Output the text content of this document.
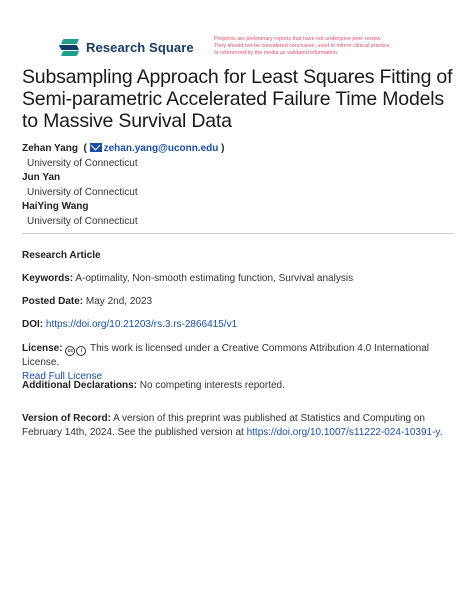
Research Square
Preprints are preliminary reports that have not undergone peer review.
They should not be considered conclusive, used to inform clinical practice,
or referenced by the media as validated information.
Subsampling Approach for Least Squares Fitting of Semi-parametric Accelerated Failure Time Models to Massive Survival Data
Zehan Yang  ( zehan.yang@uconn.edu )
University of Connecticut
Jun Yan
University of Connecticut
HaiYing Wang
University of Connecticut
Research Article
Keywords: A-optimality, Non-smooth estimating function, Survival analysis
Posted Date: May 2nd, 2023
DOI: https://doi.org/10.21203/rs.3.rs-2866415/v1
License: cc i This work is licensed under a Creative Commons Attribution 4.0 International License.
Read Full License
Additional Declarations: No competing interests reported.
Version of Record: A version of this preprint was published at Statistics and Computing on February 14th, 2024. See the published version at https://doi.org/10.1007/s11222-024-10391-y.
